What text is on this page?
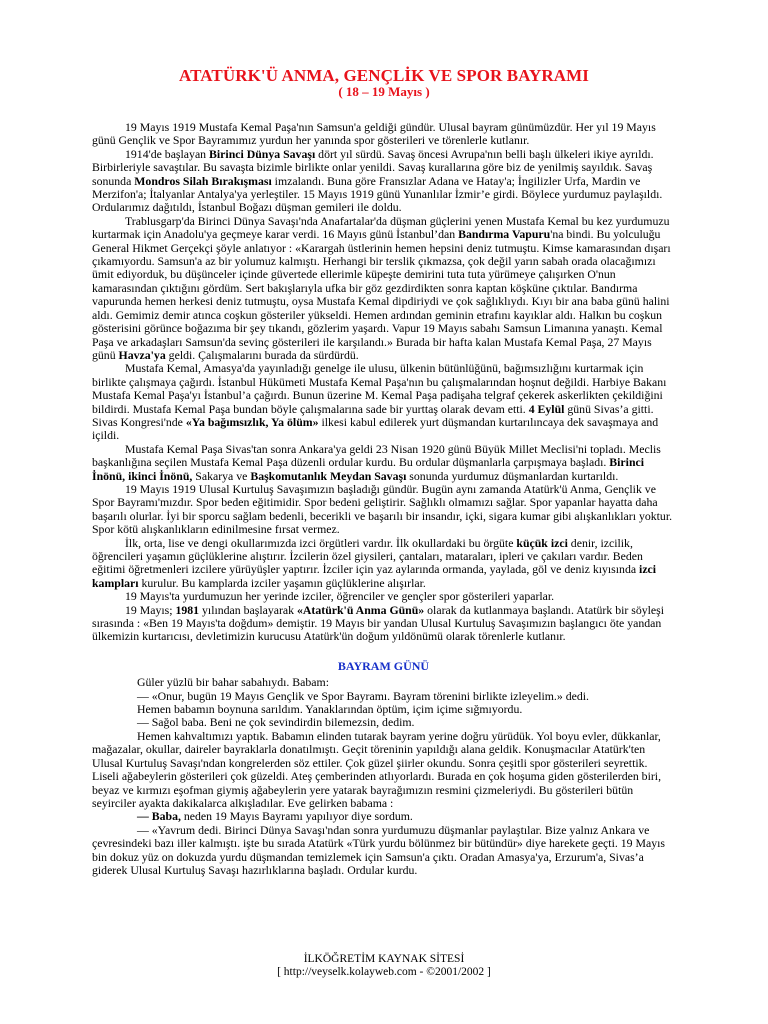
ATATÜRK'Ü ANMA, GENÇLİK VE SPOR BAYRAMI
( 18 – 19 Mayıs )

19 Mayıs 1919 Mustafa Kemal Paşa'nın Samsun'a geldiği gündür. Ulusal bayram günümüzdür. Her yıl 19 Mayıs günü Gençlik ve Spor Bayramımız yurdun her yanında spor gösterileri ve törenlerle kutlanır.

1914'de başlayan Birinci Dünya Savaşı dört yıl sürdü. Savaş öncesi Avrupa'nın belli başlı ülkeleri ikiye ayrıldı. Birbirleriyle savaştılar. Bu savaşta bizimle birlikte onlar yenildi. Savaş kurallarına göre biz de yenilmiş sayıldık. Savaş sonunda Mondros Silah Bırakışması imzalandı. Buna göre Fransızlar Adana ve Hatay'a; İngilizler Urfa, Mardin ve Merzifon'a; İtalyanlar Antalya'ya yerleştiler. 15 Mayıs 1919 günü Yunanlılar İzmir’e girdi. Böylece yurdumuz paylaşıldı. Ordularımız dağıtıldı, İstanbul Boğazı düşman gemileri ile doldu.

Trablusgarp'da Birinci Dünya Savaşı'nda Anafartalar'da düşman güçlerini yenen Mustafa Kemal bu kez yurdumuzu kurtarmak için Anadolu'ya geçmeye karar verdi. 16 Mayıs günü İstanbul’dan Bandırma Vapuru'na bindi. Bu yolculuğu General Hikmet Gerçekçi şöyle anlatıyor : «Karargah üstlerinin hemen hepsini deniz tutmuştu. Kimse kamarasından dışarı çıkamıyordu. Samsun'a az bir yolumuz kalmıştı. Herhangi bir terslik çıkmazsa, çok değil yarın sabah orada olacağımızı ümit ediyorduk, bu düşünceler içinde güvertede ellerimle küpeşte demirini tuta tuta yürümeye çalışırken O'nun kamarasından çıktığını gördüm. Sert bakışlarıyla ufka bir göz gezdirdikten sonra kaptan köşküne çıktılar. Bandırma vapurunda hemen herkesi deniz tutmuştu, oysa Mustafa Kemal dipdiriydi ve çok sağlıklıydı. Kıyı bir ana baba günü halini aldı. Gemimiz demir atınca coşkun gösteriler yükseldi. Hemen ardından geminin etrafını kayıklar aldı. Halkın bu coşkun gösterisini görünce boğazıma bir şey tıkandı, gözlerim yaşardı. Vapur 19 Mayıs sabahı Samsun Limanına yanaştı. Kemal Paşa ve arkadaşları Samsun'da sevinç gösterileri ile karşılandı.» Burada bir hafta kalan Mustafa Kemal Paşa, 27 Mayıs günü Havza'ya geldi. Çalışmalarını burada da sürdürdü.

Mustafa Kemal, Amasya'da yayınladığı genelge ile ulusu, ülkenin bütünlüğünü, bağımsızlığını kurtarmak için birlikte çalışmaya çağırdı. İstanbul Hükümeti Mustafa Kemal Paşa'nın bu çalışmalarından hoşnut değildi. Harbiye Bakanı Mustafa Kemal Paşa'yı İstanbul’a çağırdı. Bunun üzerine M. Kemal Paşa padişaha telgraf çekerek askerlikten çekildiğini bildirdi. Mustafa Kemal Paşa bundan böyle çalışmalarına sade bir yurttaş olarak devam etti. 4 Eylül günü Sivas’a gitti. Sivas Kongresi'nde «Ya bağımsızlık, Ya ölüm» ilkesi kabul edilerek yurt düşmandan kurtarılıncaya dek savaşmaya and içildi.

Mustafa Kemal Paşa Sivas'tan sonra Ankara'ya geldi 23 Nisan 1920 günü Büyük Millet Meclisi'ni topladı. Meclis başkanlığına seçilen Mustafa Kemal Paşa düzenli ordular kurdu. Bu ordular düşmanlarla çarpışmaya başladı. Birinci İnönü, ikinci İnönü, Sakarya ve Başkomutanlık Meydan Savaşı sonunda yurdumuz düşmanlardan kurtarıldı.

19 Mayıs 1919 Ulusal Kurtuluş Savaşımızın başladığı gündür. Bugün aynı zamanda Atatürk'ü Anma, Gençlik ve Spor Bayramı'mızdır. Spor beden eğitimidir. Spor bedeni geliştirir. Sağlıklı olmamızı sağlar. Spor yapanlar hayatta daha başarılı olurlar. İyi bir sporcu sağlam bedenli, becerikli ve başarılı bir insandır, içki, sigara kumar gibi alışkanlıkları yoktur. Spor kötü alışkanlıkların edinilmesine fırsat vermez.

İlk, orta, lise ve dengi okullarımızda izci örgütleri vardır. İlk okullardaki bu örgüte küçük izci denir, izcilik, öğrencileri yaşamın güçlüklerine alıştırır. İzcilerin özel giysileri, çantaları, mataraları, ipleri ve çakıları vardır. Beden eğitimi öğretmenleri izcilere yürüyüşler yaptırır. İzciler için yaz aylarında ormanda, yaylada, göl ve deniz kıyısında izci kampları kurulur. Bu kamplarda izciler yaşamın güçlüklerine alışırlar.

19 Mayıs'ta yurdumuzun her yerinde izciler, öğrenciler ve gençler spor gösterileri yaparlar.

19 Mayıs; 1981 yılından başlayarak «Atatürk'ü Anma Günü» olarak da kutlanmaya başlandı. Atatürk bir söyleşi sırasında : «Ben 19 Mayıs'ta doğdum» demiştir. 19 Mayıs bir yandan Ulusal Kurtuluş Savaşımızın başlangıcı öte yandan ülkemizin kurtarıcısı, devletimizin kurucusu Atatürk'ün doğum yıldönümü olarak törenlerle kutlanır.

BAYRAM GÜNÜ

Güler yüzlü bir bahar sabahıydı. Babam:

— «Onur, bugün 19 Mayıs Gençlik ve Spor Bayramı. Bayram törenini birlikte izleyelim.» dedi.

Hemen babamın boynuna sarıldım. Yanaklarından öptüm, içim içime sığmıyordu.

— Sağol baba. Beni ne çok sevindirdin bilemezsin, dedim.

Hemen kahvaltımızı yaptık. Babamın elinden tutarak bayram yerine doğru yürüdük. Yol boyu evler, dükkanlar, mağazalar, okullar, daireler bayraklarla donatılmıştı. Geçit töreninin yapıldığı alana geldik. Konuşmacılar Atatürk'ten Ulusal Kurtuluş Savaşı'ndan kongrelerden söz ettiler. Çok güzel şiirler okundu. Sonra çeşitli spor gösterileri seyrettik. Liseli ağabeylerin gösterileri çok güzeldi. Ateş çemberinden atlıyorlardı. Burada en çok hoşuma giden gösterilerden biri, beyaz ve kırmızı eşofman giymiş ağabeylerin yere yatarak bayrağımızın resmini çizmeleriydi. Bu gösterileri bütün seyirciler ayakta dakikalarca alkışladılar. Eve gelirken babama :

— Baba, neden 19 Mayıs Bayramı yapılıyor diye sordum.

— «Yavrum dedi. Birinci Dünya Savaşı'ndan sonra yurdumuzu düşmanlar paylaştılar. Bize yalnız Ankara ve çevresindeki bazı iller kalmıştı. işte bu sırada Atatürk «Türk yurdu bölünmez bir bütündür» diye harekete geçti. 19 Mayıs bin dokuz yüz on dokuzda yurdu düşmandan temizlemek için Samsun'a çıktı. Oradan Amasya'ya, Erzurum'a, Sivas’a giderek Ulusal Kurtuluş Savaşı hazırlıklarına başladı. Ordular kurdu.

İLKÖĞRETİM KAYNAK SİTESİ
[ http://veyselk.kolayweb.com - ©2001/2002 ]
